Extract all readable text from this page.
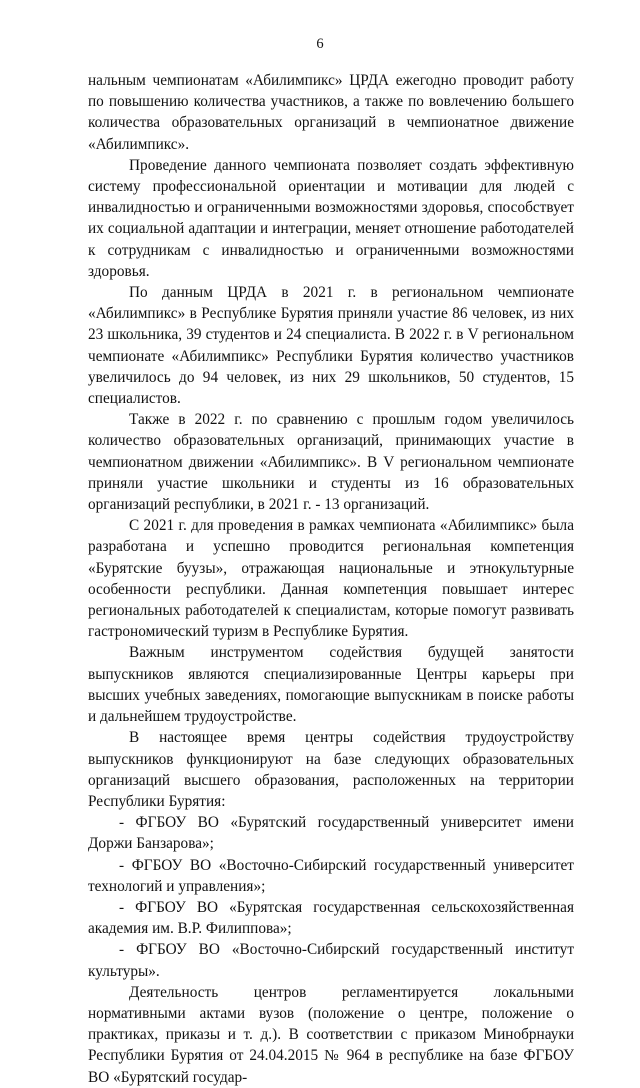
6

нальным чемпионатам «Абилимпикс» ЦРДА ежегодно проводит работу по повышению количества участников, а также по вовлечению большего количества образовательных организаций в чемпионатное движение «Абилимпикс».

Проведение данного чемпионата позволяет создать эффективную систему профессиональной ориентации и мотивации для людей с инвалидностью и ограниченными возможностями здоровья, способствует их социальной адаптации и интеграции, меняет отношение работодателей к сотрудникам с инвалидностью и ограниченными возможностями здоровья.

По данным ЦРДА в 2021 г. в региональном чемпионате «Абилимпикс» в Республике Бурятия приняли участие 86 человек, из них 23 школьника, 39 студентов и 24 специалиста. В 2022 г. в V региональном чемпионате «Абилимпикс» Республики Бурятия количество участников увеличилось до 94 человек, из них 29 школьников, 50 студентов, 15 специалистов.

Также в 2022 г. по сравнению с прошлым годом увеличилось количество образовательных организаций, принимающих участие в чемпионатном движении «Абилимпикс». В V региональном чемпионате приняли участие школьники и студенты из 16 образовательных организаций республики, в 2021 г. - 13 организаций.

С 2021 г. для проведения в рамках чемпионата «Абилимпикс» была разработана и успешно проводится региональная компетенция «Бурятские буузы», отражающая национальные и этнокультурные особенности республики. Данная компетенция повышает интерес региональных работодателей к специалистам, которые помогут развивать гастрономический туризм в Республике Бурятия.

Важным инструментом содействия будущей занятости выпускников являются специализированные Центры карьеры при высших учебных заведениях, помогающие выпускникам в поиске работы и дальнейшем трудоустройстве.

В настоящее время центры содействия трудоустройству выпускников функционируют на базе следующих образовательных организаций высшего образования, расположенных на территории Республики Бурятия:

- ФГБОУ ВО «Бурятский государственный университет имени Доржи Банзарова»;

- ФГБОУ ВО «Восточно-Сибирский государственный университет технологий и управления»;

- ФГБОУ ВО «Бурятская государственная сельскохозяйственная академия им. В.Р. Филиппова»;

- ФГБОУ ВО «Восточно-Сибирский государственный институт культуры».

Деятельность центров регламентируется локальными нормативными актами вузов (положение о центре, положение о практиках, приказы и т. д.). В соответствии с приказом Минобрнауки Республики Бурятия от 24.04.2015 № 964 в республике на базе ФГБОУ ВО «Бурятский государ-
